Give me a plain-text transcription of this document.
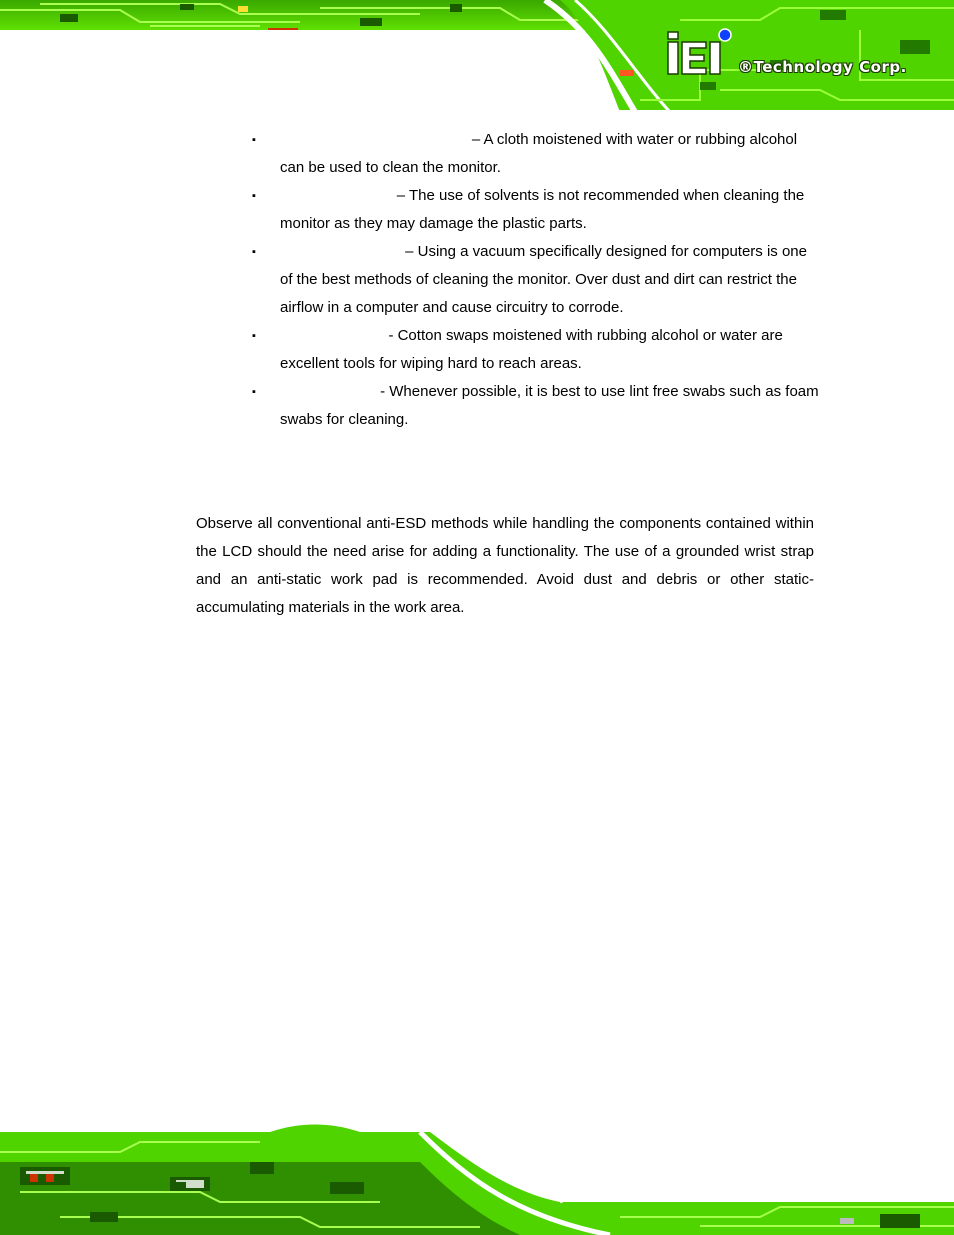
®Technology Corp.
▪	– A cloth moistened with water or rubbing alcohol can be used to clean the monitor.
▪	– The use of solvents is not recommended when cleaning the monitor as they may damage the plastic parts.
▪	– Using a vacuum specifically designed for computers is one of the best methods of cleaning the monitor. Over dust and dirt can restrict the airflow in a computer and cause circuitry to corrode.
▪	- Cotton swaps moistened with rubbing alcohol or water are excellent tools for wiping hard to reach areas.
▪	- Whenever possible, it is best to use lint free swabs such as foam swabs for cleaning.

Observe all conventional anti-ESD methods while handling the components contained within the LCD should the need arise for adding a functionality. The use of a grounded wrist strap and an anti-static work pad is recommended. Avoid dust and debris or other static-accumulating materials in the work area.
